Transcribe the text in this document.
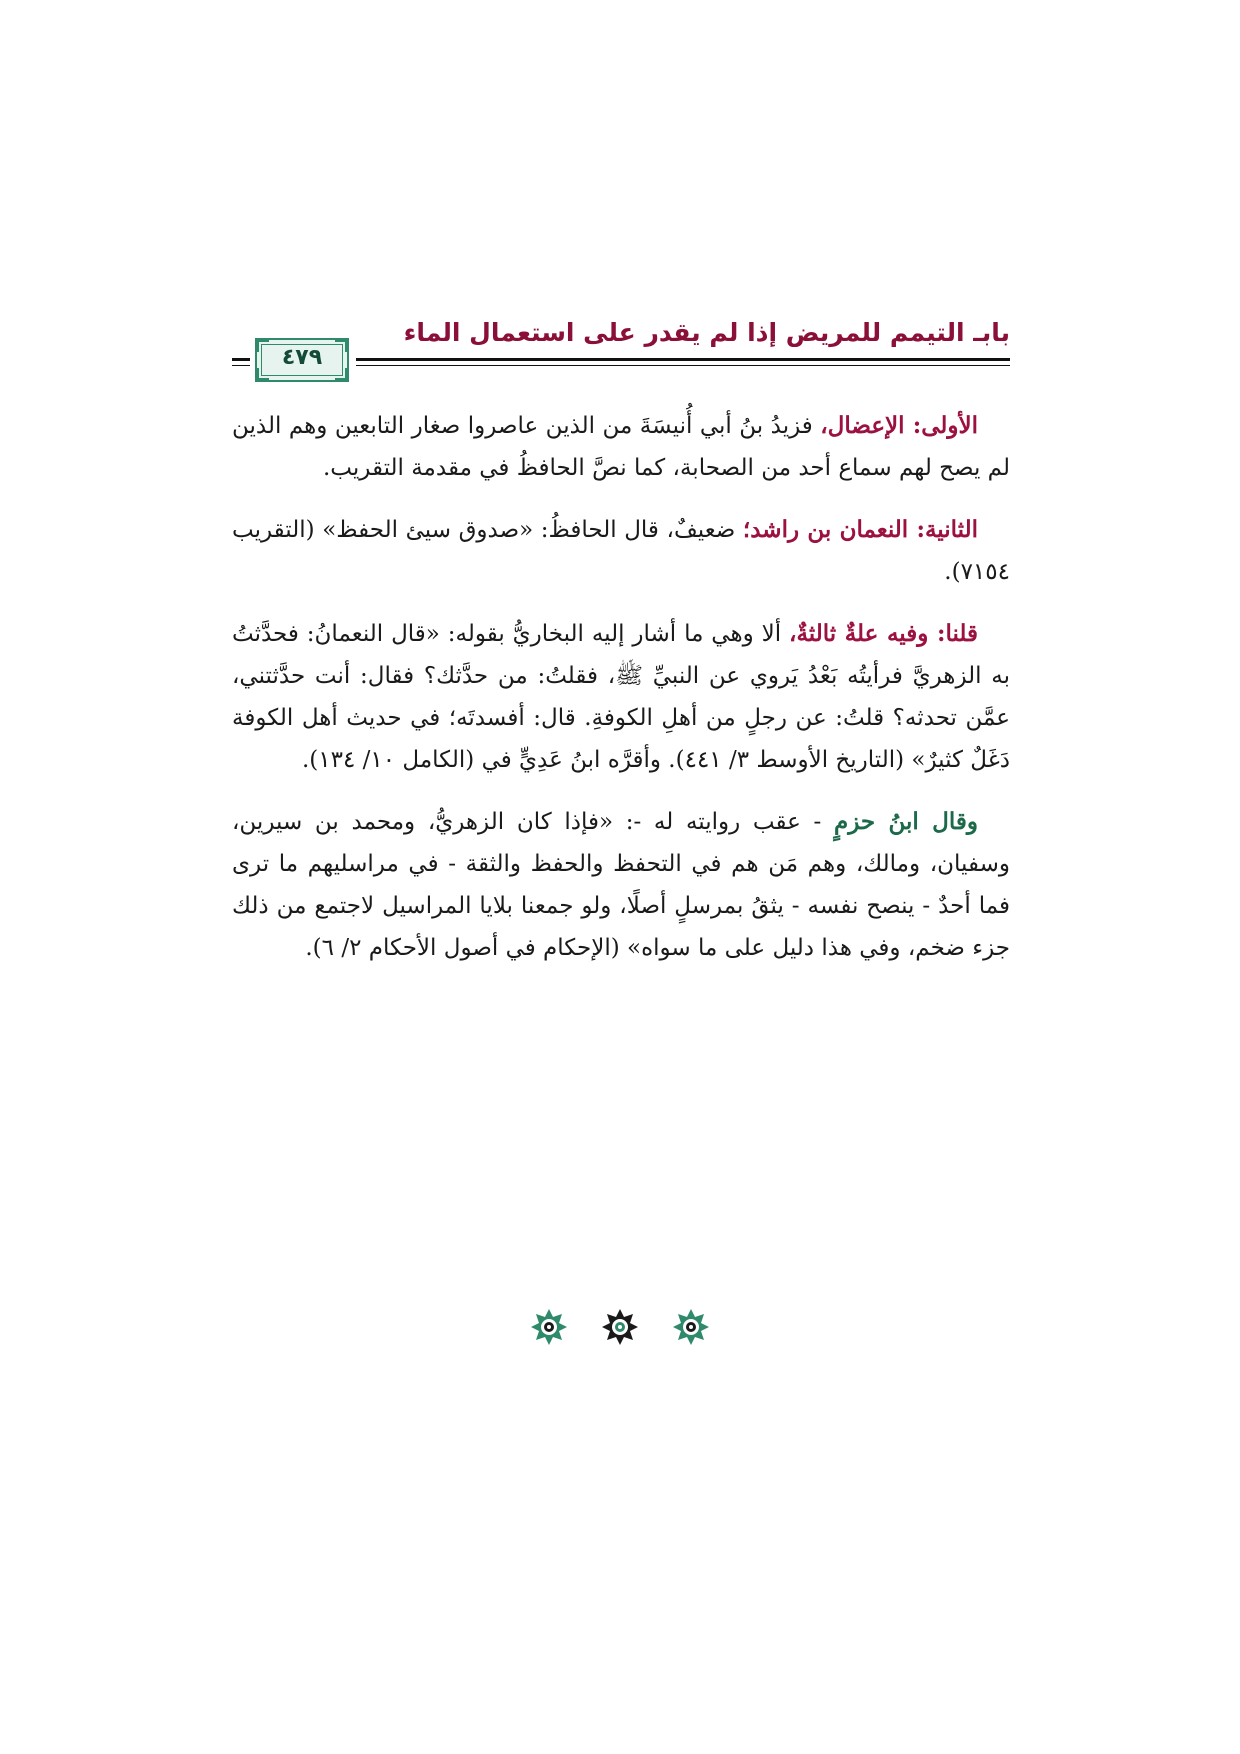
بابـ التيمم للمريض إذا لم يقدر على استعمال الماء
٤٧٩

الأولى: الإعضال، فزيدُ بنُ أبي أُنيسَةَ من الذين عاصروا صغار التابعين وهم الذين لم يصح لهم سماع أحد من الصحابة، كما نصَّ الحافظُ في مقدمة التقريب.

الثانية: النعمان بن راشد؛ ضعيفٌ، قال الحافظُ: «صدوق سيئ الحفظ» (التقريب ٧١٥٤).

قلنا: وفيه علةٌ ثالثةٌ، ألا وهي ما أشار إليه البخاريُّ بقوله: «قال النعمانُ: فحدَّثتُ به الزهريَّ فرأيتُه بَعْدُ يَروي عن النبيِّ ﷺ، فقلتُ: من حدَّثك؟ فقال: أنت حدَّثتني، عمَّن تحدثه؟ قلتُ: عن رجلٍ من أهلِ الكوفةِ. قال: أفسدتَه؛ في حديث أهل الكوفة دَغَلٌ كثيرٌ» (التاريخ الأوسط ٣/ ٤٤١). وأقرَّه ابنُ عَدِيٍّ في (الكامل ١٠/ ١٣٤).

وقال ابنُ حزمٍ - عقب روايته له -: «فإذا كان الزهريُّ، ومحمد بن سيرين، وسفيان، ومالك، وهم مَن هم في التحفظ والحفظ والثقة - في مراسليهم ما ترى فما أحدٌ - ينصح نفسه - يثقُ بمرسلٍ أصلًا، ولو جمعنا بلايا المراسيل لاجتمع من ذلك جزء ضخم، وفي هذا دليل على ما سواه» (الإحكام في أصول الأحكام ٢/ ٦).
